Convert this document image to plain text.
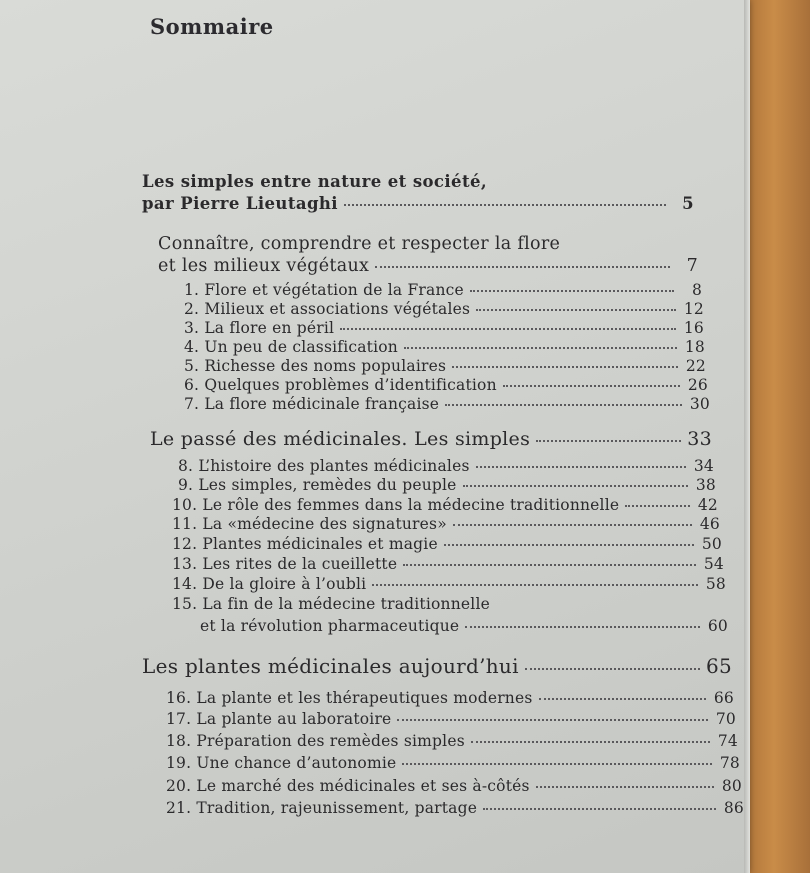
Sommaire
Les simples entre nature et société,
par Pierre Lieutaghi	5
Connaître, comprendre et respecter la flore
et les milieux végétaux	7
1. Flore et végétation de la France	8
2. Milieux et associations végétales	12
3. La flore en péril	16
4. Un peu de classification	18
5. Richesse des noms populaires	22
6. Quelques problèmes d’identification	26
7. La flore médicinale française	30
Le passé des médicinales. Les simples	33
8. L’histoire des plantes médicinales	34
9. Les simples, remèdes du peuple	38
10. Le rôle des femmes dans la médecine traditionnelle	42
11. La «médecine des signatures»	46
12. Plantes médicinales et magie	50
13. Les rites de la cueillette	54
14. De la gloire à l’oubli	58
15. La fin de la médecine traditionnelle
et la révolution pharmaceutique	60
Les plantes médicinales aujourd’hui	65
16. La plante et les thérapeutiques modernes	66
17. La plante au laboratoire	70
18. Préparation des remèdes simples	74
19. Une chance d’autonomie	78
20. Le marché des médicinales et ses à-côtés	80
21. Tradition, rajeunissement, partage	86
